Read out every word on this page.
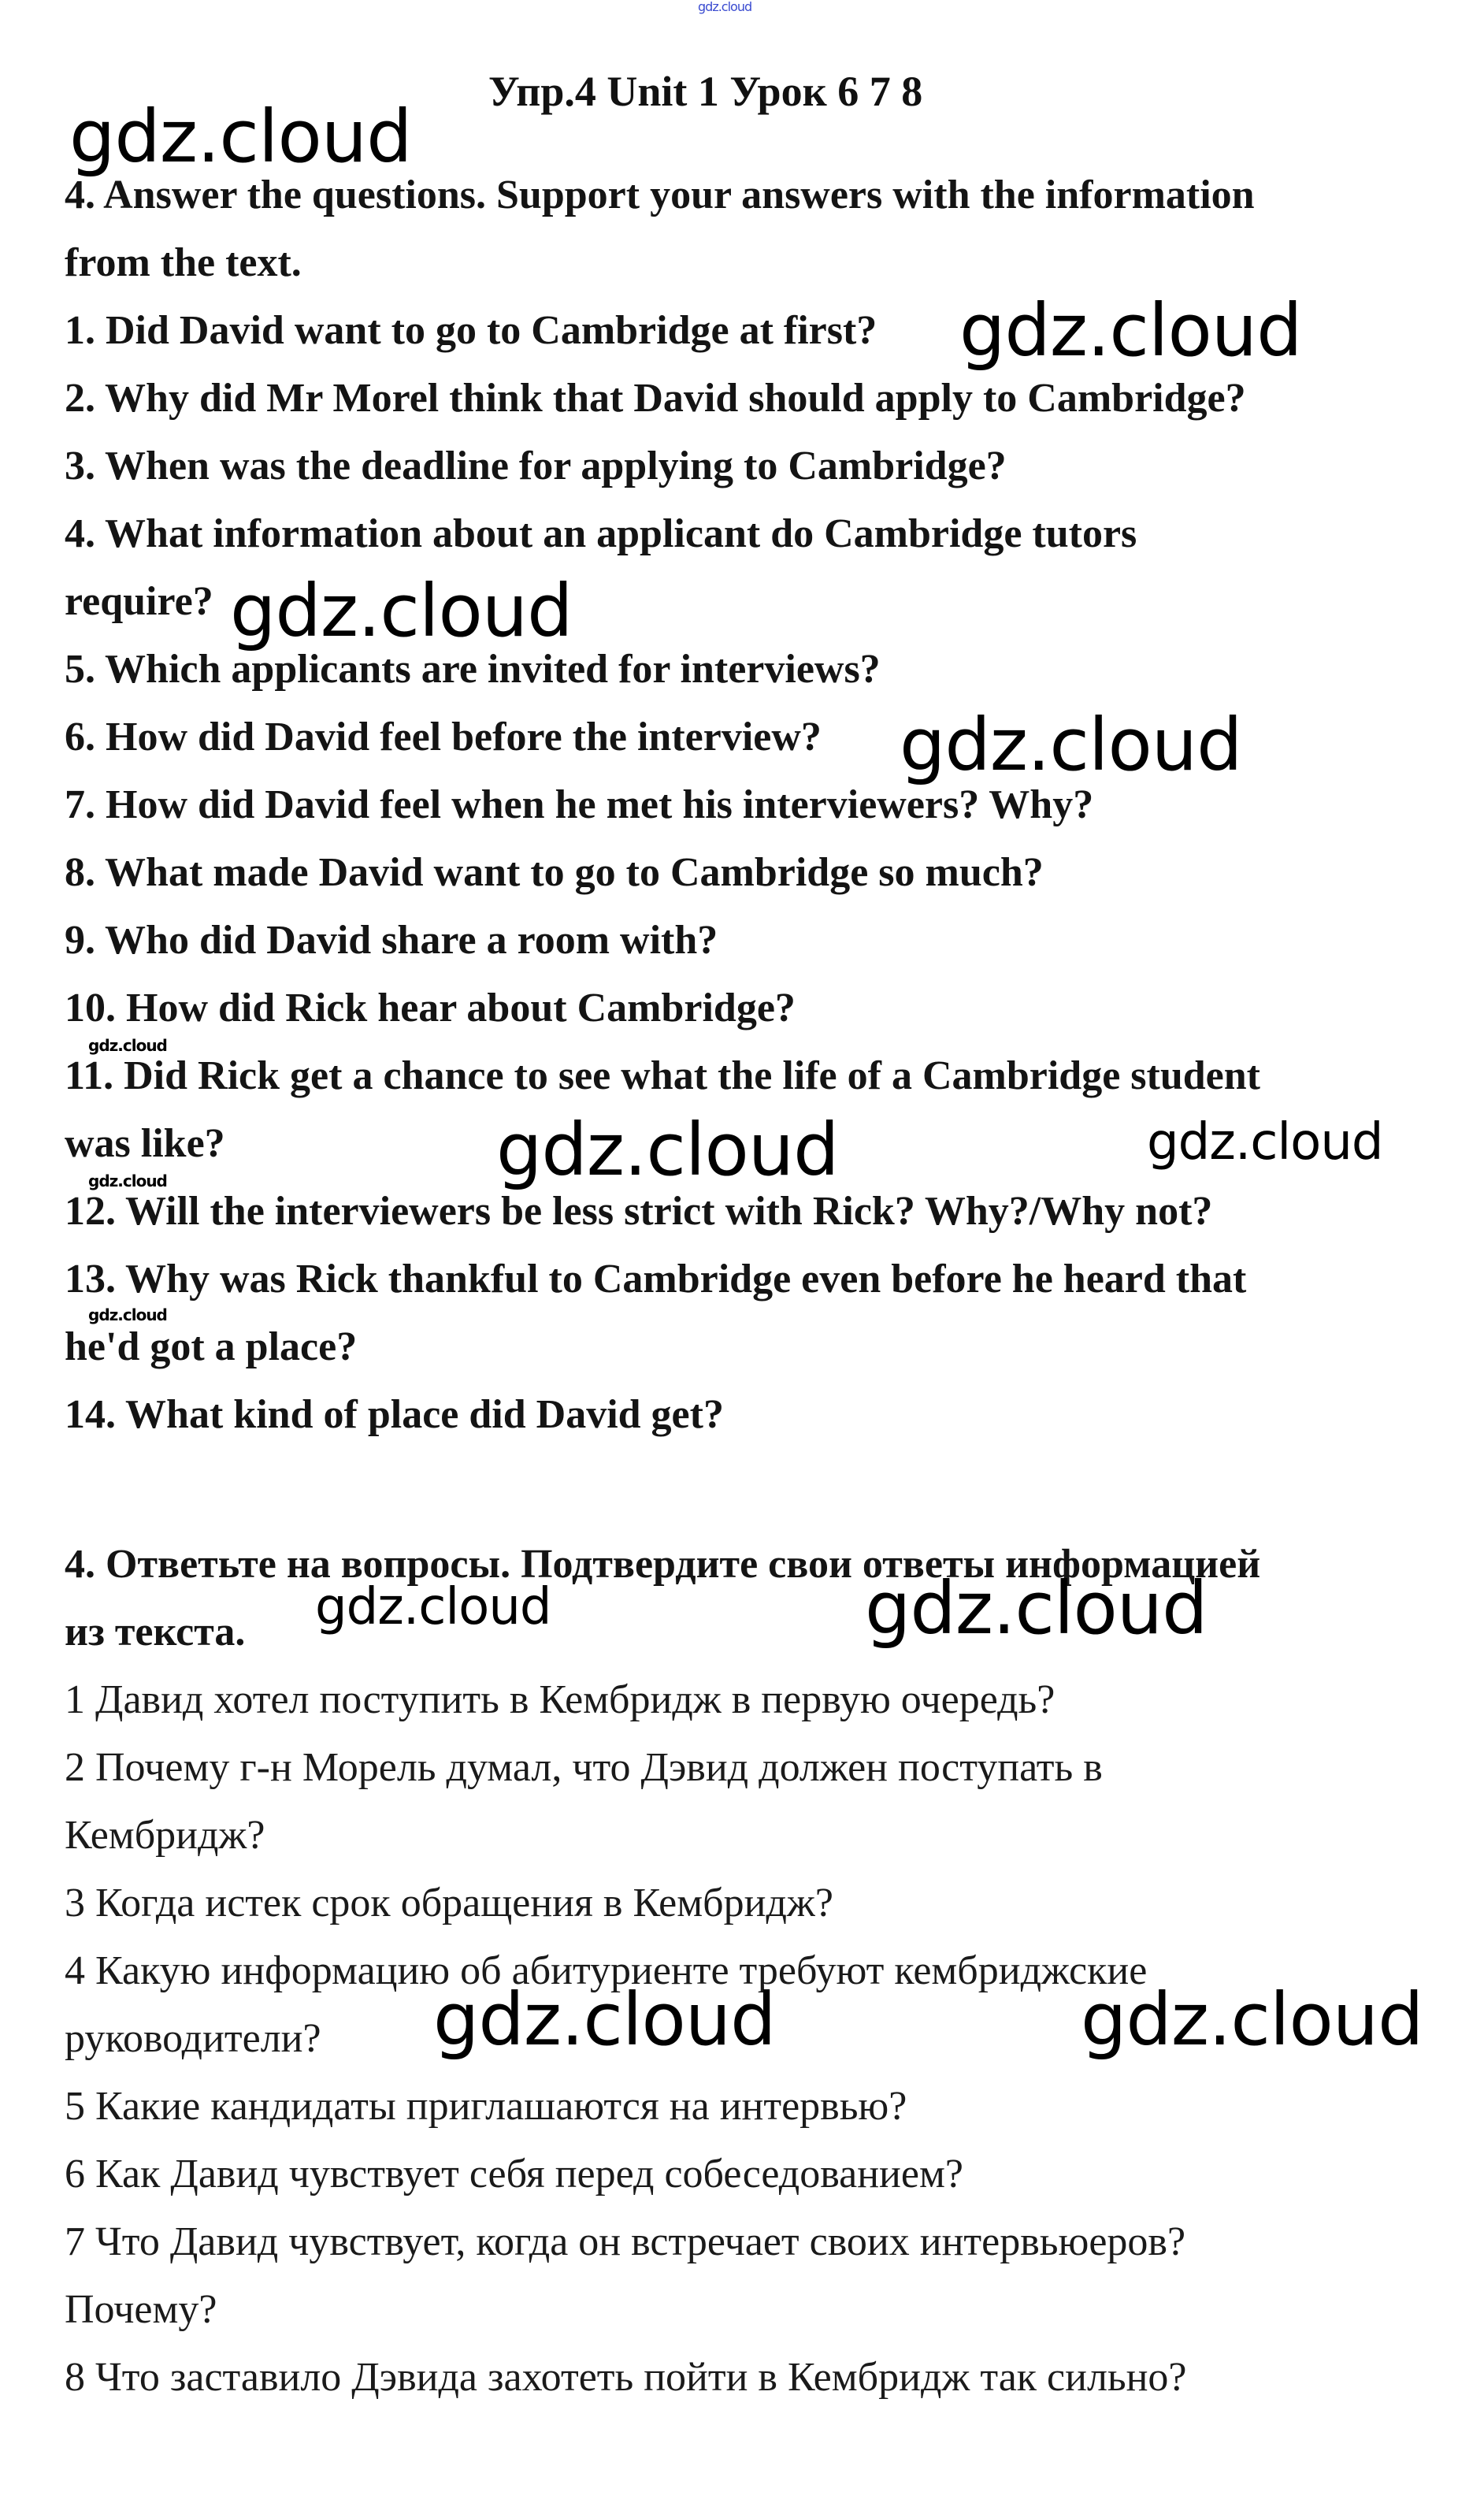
gdz.cloud
Упр.4 Unit 1 Урок 6 7 8
4. Answer the questions. Support your answers with the information
from the text.
1. Did David want to go to Cambridge at first?
2. Why did Mr Morel think that David should apply to Cambridge?
3. When was the deadline for applying to Cambridge?
4. What information about an applicant do Cambridge tutors
require?
5. Which applicants are invited for interviews?
6. How did David feel before the interview?
7. How did David feel when he met his interviewers? Why?
8. What made David want to go to Cambridge so much?
9. Who did David share a room with?
10. How did Rick hear about Cambridge?
11. Did Rick get a chance to see what the life of a Cambridge student
was like?
12. Will the interviewers be less strict with Rick? Why?/Why not?
13. Why was Rick thankful to Cambridge even before he heard that
he'd got a place?
14. What kind of place did David get?
4. Ответьте на вопросы. Подтвердите свои ответы информацией
из текста.
1 Давид хотел поступить в Кембридж в первую очередь?
2 Почему г-н Морель думал, что Дэвид должен поступать в
Кембридж?
3 Когда истек срок обращения в Кембридж?
4 Какую информацию об абитуриенте требуют кембриджские
руководители?
5 Какие кандидаты приглашаются на интервью?
6 Как Давид чувствует себя перед собеседованием?
7 Что Давид чувствует, когда он встречает своих интервьюеров?
Почему?
8 Что заставило Дэвида захотеть пойти в Кембридж так сильно?
gdz.cloud
gdz.cloud
gdz.cloud
gdz.cloud
gdz.cloud
gdz.cloud	gdz.cloud
gdz.cloud
gdz.cloud
gdz.cloud	gdz.cloud
gdz.cloud	gdz.cloud
